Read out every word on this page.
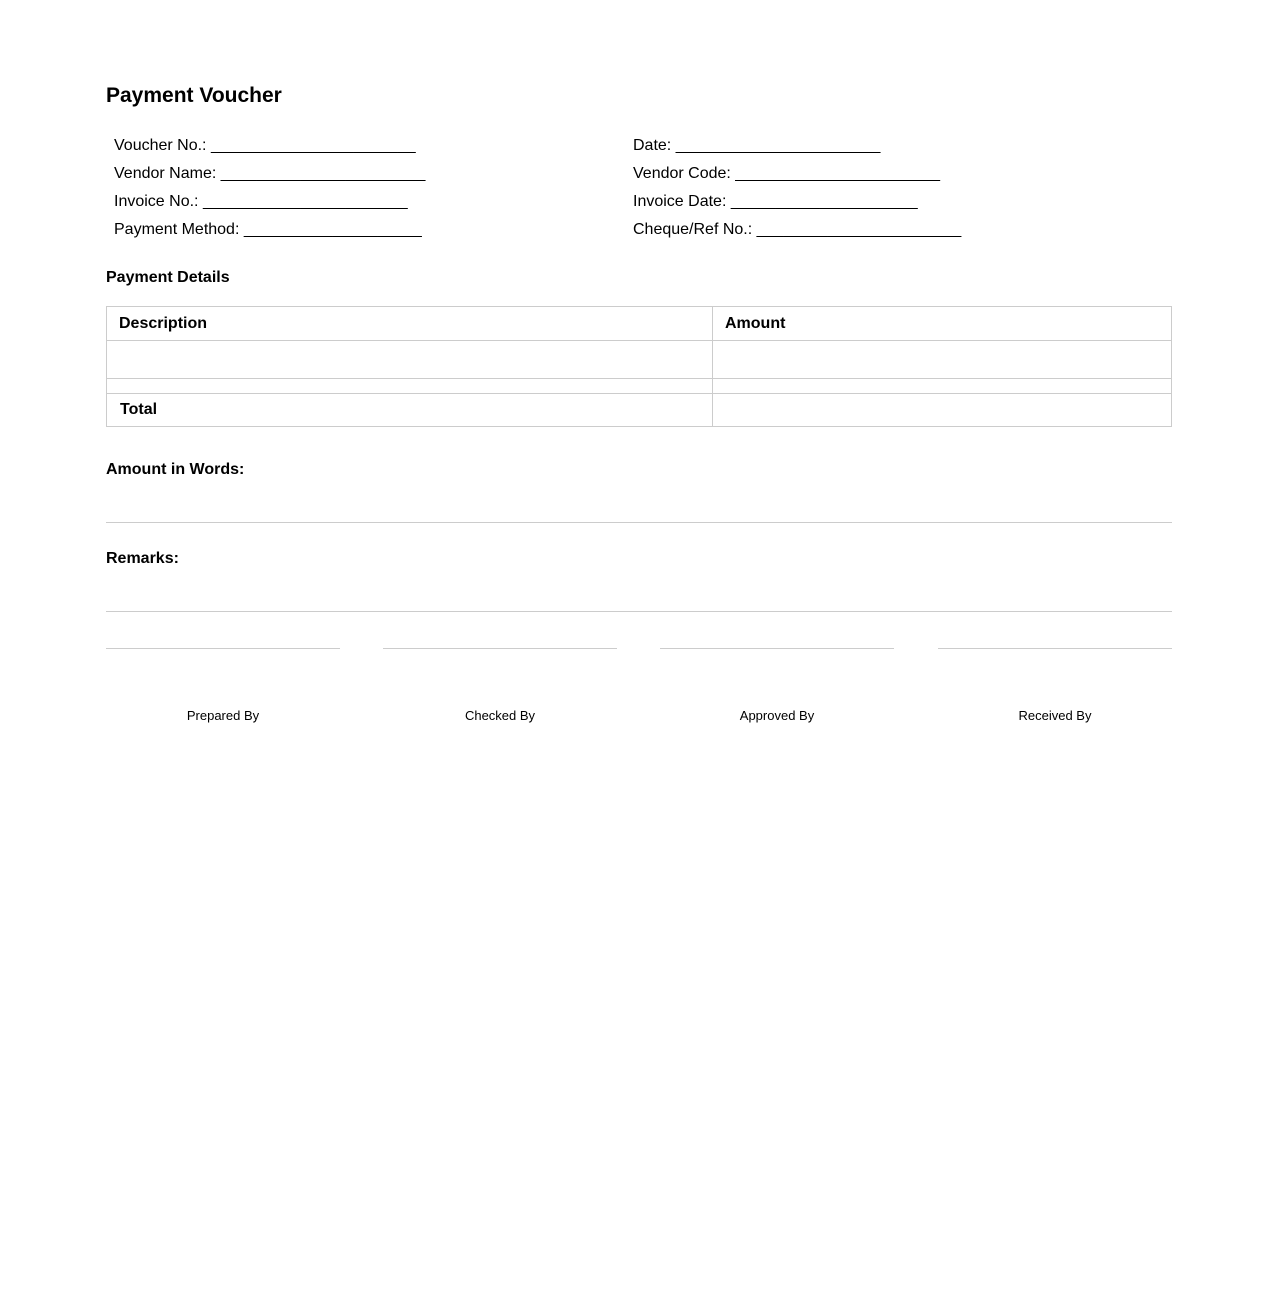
Payment Voucher
Voucher No.: _______________________
Vendor Name: _______________________
Invoice No.: _______________________
Payment Method: ____________________
Date: _______________________
Vendor Code: _______________________
Invoice Date: _____________________
Cheque/Ref No.: _______________________
Payment Details
Description	Amount

Total	
Amount in Words:
Remarks:
Prepared By	Checked By	Approved By	Received By
